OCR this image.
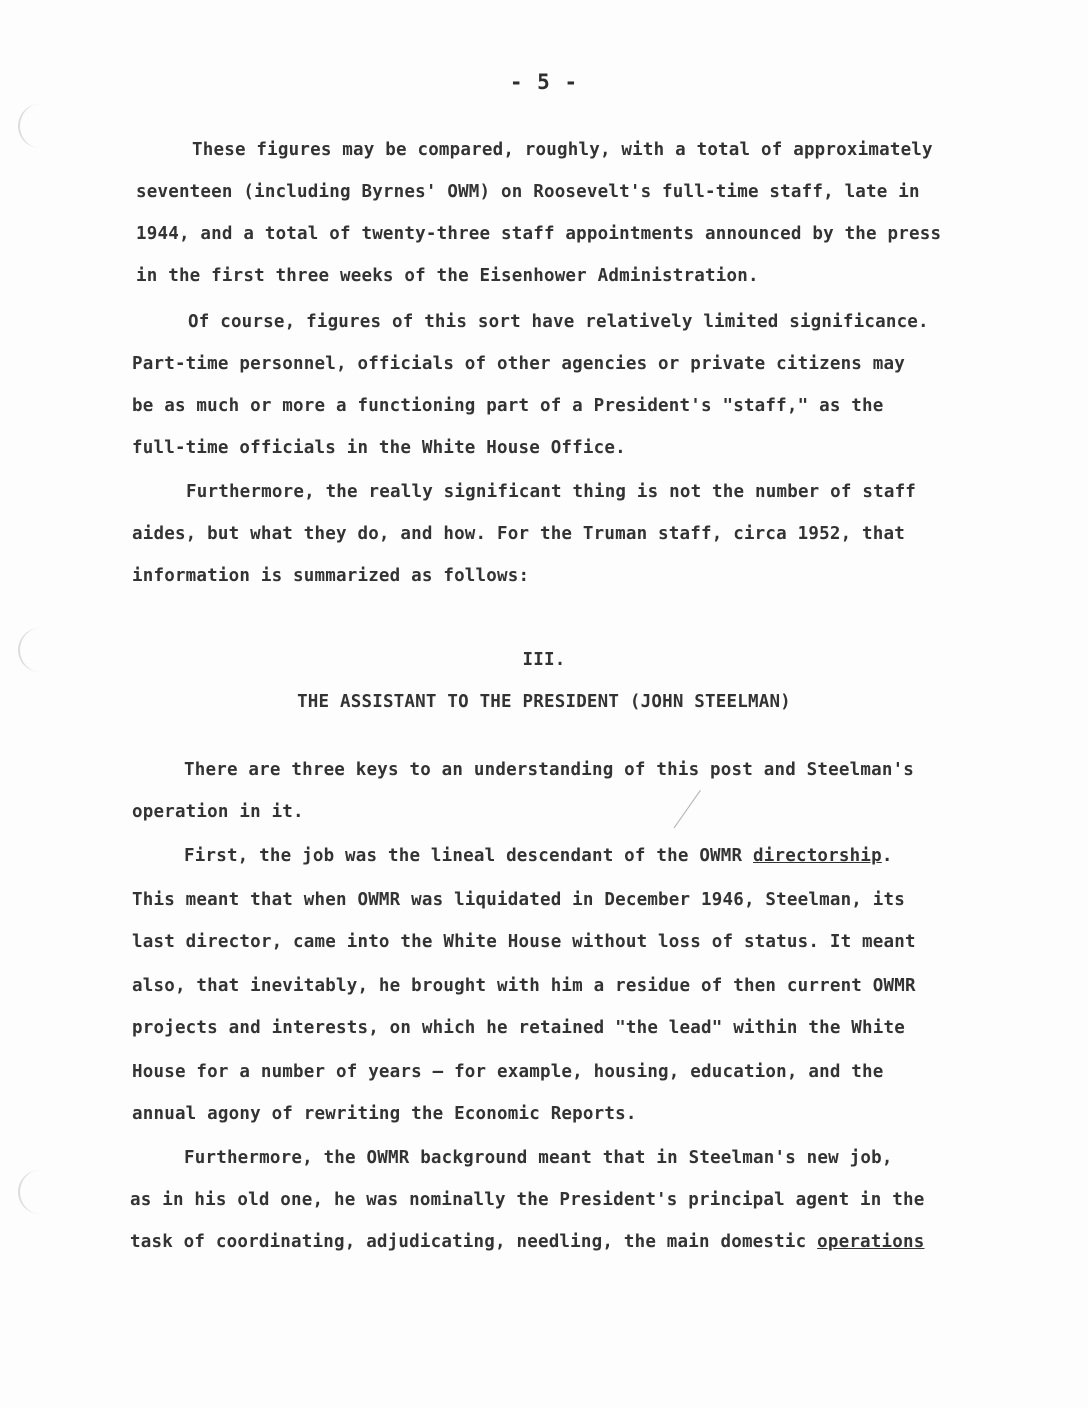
- 5 -
These figures may be compared, roughly, with a total of approximately
seventeen (including Byrnes' OWM) on Roosevelt's full-time staff, late in
1944, and a total of twenty-three staff appointments announced by the press
in the first three weeks of the Eisenhower Administration.
Of course, figures of this sort have relatively limited significance.
Part-time personnel, officials of other agencies or private citizens may
be as much or more a functioning part of a President's "staff," as the
full-time officials in the White House Office.
Furthermore, the really significant thing is not the number of staff
aides, but what they do, and how. For the Truman staff, circa 1952, that
information is summarized as follows:
III.
THE ASSISTANT TO THE PRESIDENT (JOHN STEELMAN)
There are three keys to an understanding of this post and Steelman's
operation in it.
First, the job was the lineal descendant of the OWMR directorship.
This meant that when OWMR was liquidated in December 1946, Steelman, its
last director, came into the White House without loss of status. It meant
also, that inevitably, he brought with him a residue of then current OWMR
projects and interests, on which he retained "the lead" within the White
House for a number of years — for example, housing, education, and the
annual agony of rewriting the Economic Reports.
Furthermore, the OWMR background meant that in Steelman's new job,
as in his old one, he was nominally the President's principal agent in the
task of coordinating, adjudicating, needling, the main domestic operations
